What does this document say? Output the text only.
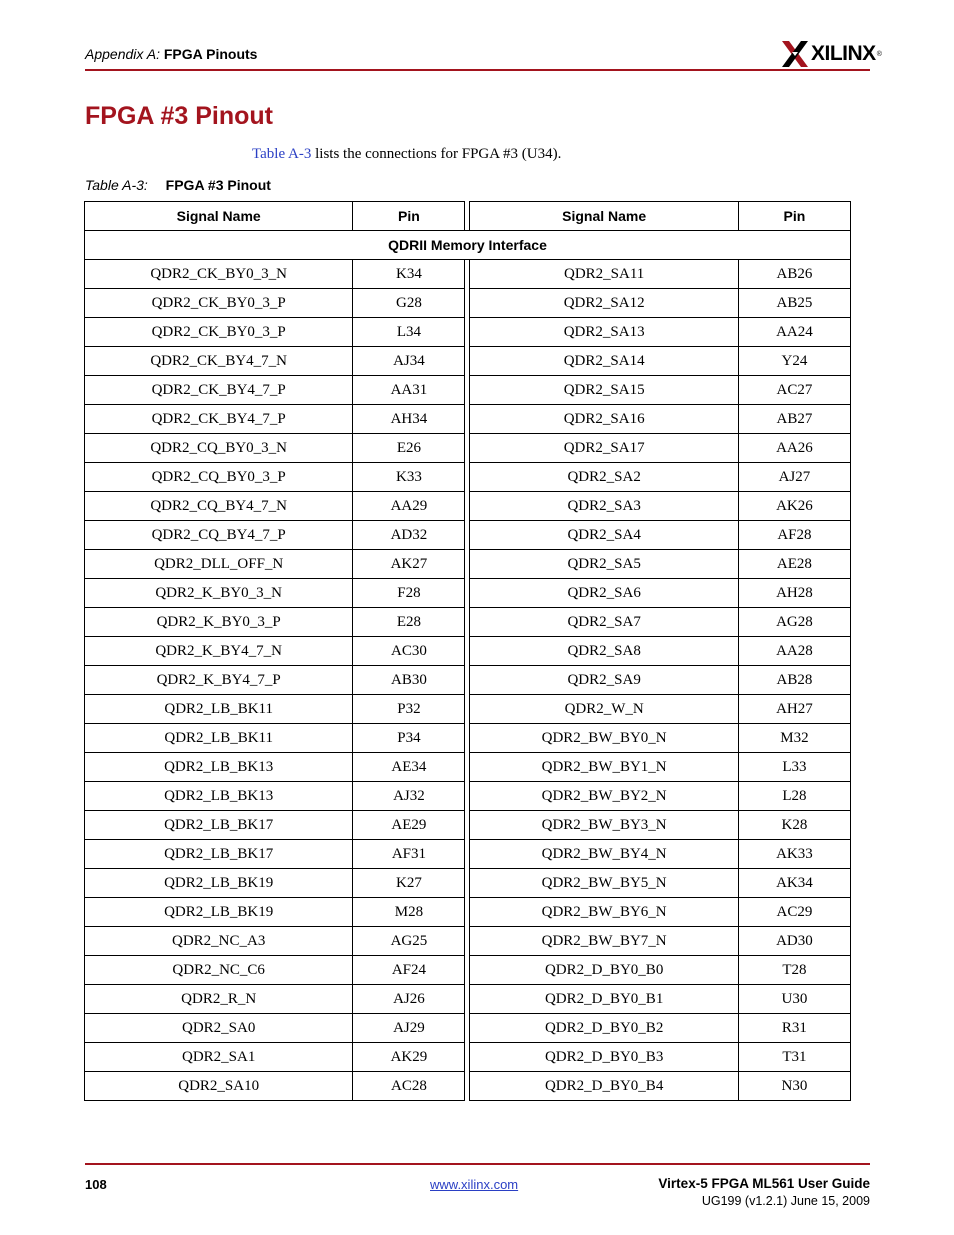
Appendix A: FPGA Pinouts	XILINX ®
FPGA #3 Pinout
Table A-3 lists the connections for FPGA #3 (U34).
Table A-3: FPGA #3 Pinout
Signal Name	Pin		Signal Name	Pin
QDRII Memory Interface				
QDR2_CK_BY0_3_N	K34		QDR2_SA11	AB26
QDR2_CK_BY0_3_P	G28		QDR2_SA12	AB25
QDR2_CK_BY0_3_P	L34		QDR2_SA13	AA24
QDR2_CK_BY4_7_N	AJ34		QDR2_SA14	Y24
QDR2_CK_BY4_7_P	AA31		QDR2_SA15	AC27
QDR2_CK_BY4_7_P	AH34		QDR2_SA16	AB27
QDR2_CQ_BY0_3_N	E26		QDR2_SA17	AA26
QDR2_CQ_BY0_3_P	K33		QDR2_SA2	AJ27
QDR2_CQ_BY4_7_N	AA29		QDR2_SA3	AK26
QDR2_CQ_BY4_7_P	AD32		QDR2_SA4	AF28
QDR2_DLL_OFF_N	AK27		QDR2_SA5	AE28
QDR2_K_BY0_3_N	F28		QDR2_SA6	AH28
QDR2_K_BY0_3_P	E28		QDR2_SA7	AG28
QDR2_K_BY4_7_N	AC30		QDR2_SA8	AA28
QDR2_K_BY4_7_P	AB30		QDR2_SA9	AB28
QDR2_LB_BK11	P32		QDR2_W_N	AH27
QDR2_LB_BK11	P34		QDR2_BW_BY0_N	M32
QDR2_LB_BK13	AE34		QDR2_BW_BY1_N	L33
QDR2_LB_BK13	AJ32		QDR2_BW_BY2_N	L28
QDR2_LB_BK17	AE29		QDR2_BW_BY3_N	K28
QDR2_LB_BK17	AF31		QDR2_BW_BY4_N	AK33
QDR2_LB_BK19	K27		QDR2_BW_BY5_N	AK34
QDR2_LB_BK19	M28		QDR2_BW_BY6_N	AC29
QDR2_NC_A3	AG25		QDR2_BW_BY7_N	AD30
QDR2_NC_C6	AF24		QDR2_D_BY0_B0	T28
QDR2_R_N	AJ26		QDR2_D_BY0_B1	U30
QDR2_SA0	AJ29		QDR2_D_BY0_B2	R31
QDR2_SA1	AK29		QDR2_D_BY0_B3	T31
QDR2_SA10	AC28		QDR2_D_BY0_B4	N30
108	www.xilinx.com	Virtex-5 FPGA ML561 User Guide
UG199 (v1.2.1) June 15, 2009
